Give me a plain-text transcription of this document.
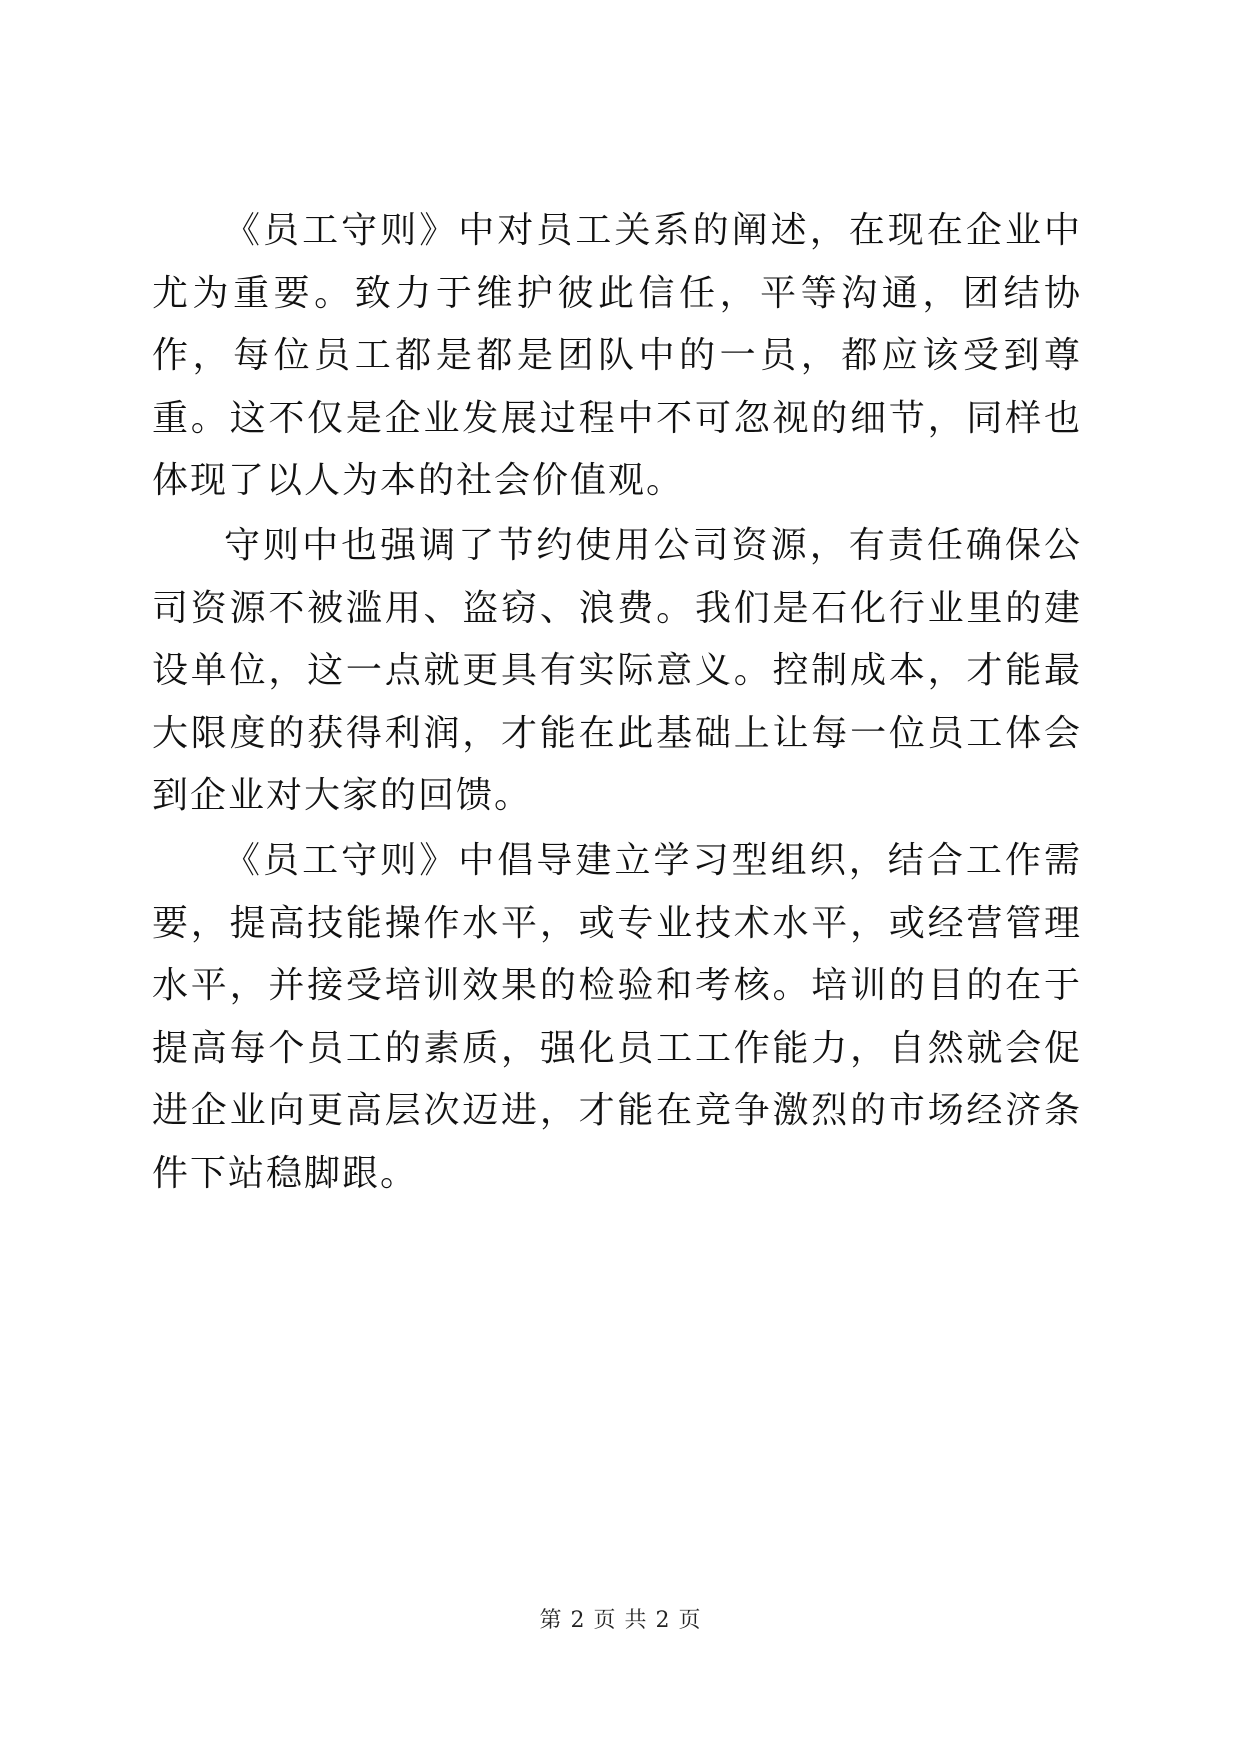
《员工守则》中对员工关系的阐述，在现在企业中尤为重要。致力于维护彼此信任，平等沟通，团结协作，每位员工都是都是团队中的一员，都应该受到尊重。这不仅是企业发展过程中不可忽视的细节，同样也体现了以人为本的社会价值观。

守则中也强调了节约使用公司资源，有责任确保公司资源不被滥用、盗窃、浪费。我们是石化行业里的建设单位，这一点就更具有实际意义。控制成本，才能最大限度的获得利润，才能在此基础上让每一位员工体会到企业对大家的回馈。

《员工守则》中倡导建立学习型组织，结合工作需要，提高技能操作水平，或专业技术水平，或经营管理水平，并接受培训效果的检验和考核。培训的目的在于提高每个员工的素质，强化员工工作能力，自然就会促进企业向更高层次迈进，才能在竞争激烈的市场经济条件下站稳脚跟。

第 2 页 共 2 页
